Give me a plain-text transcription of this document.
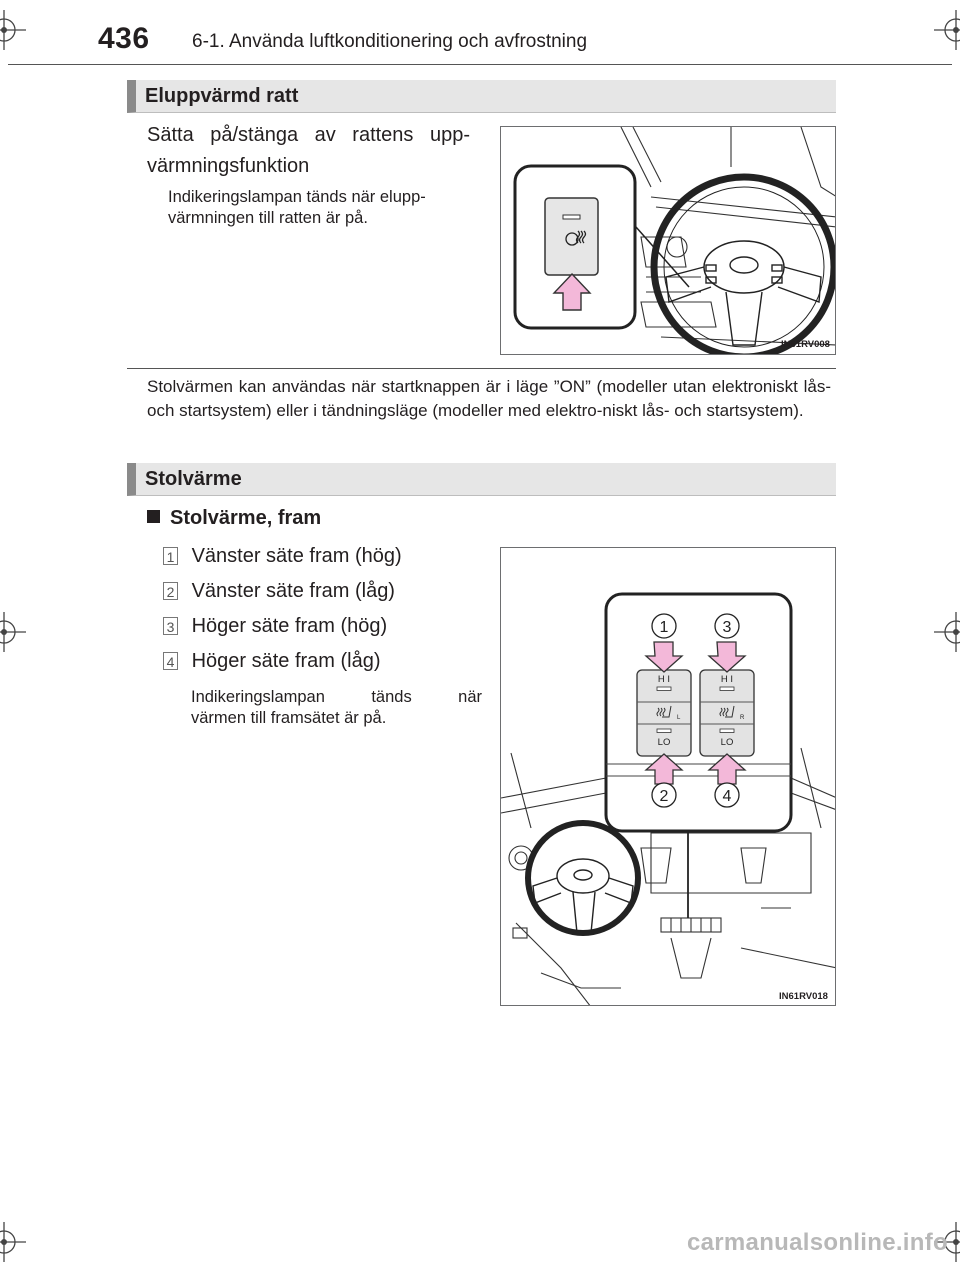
436 6-1. Använda luftkonditionering och avfrostning
Eluppvärmd ratt
Sätta på/stänga av rattens upp-
värmningsfunktion
Indikeringslampan tänds när elupp-
värmningen till ratten är på.
IN61RV008
Stolvärmen kan användas när startknappen är i läge ”ON” (modeller utan elektroniskt lås- och startsystem) eller i tändningsläge (modeller med elektro-niskt lås- och startsystem).
Stolvärme
Stolvärme, fram
1 Vänster säte fram (hög)
2 Vänster säte fram (låg)
3 Höger säte fram (hög)
4 Höger säte fram (låg)
Indikeringslampan tänds när
värmen till framsätet är på.
H I
L
LO
H I
R
LO
1	3
2	4
IN61RV018
carmanualsonline.info
